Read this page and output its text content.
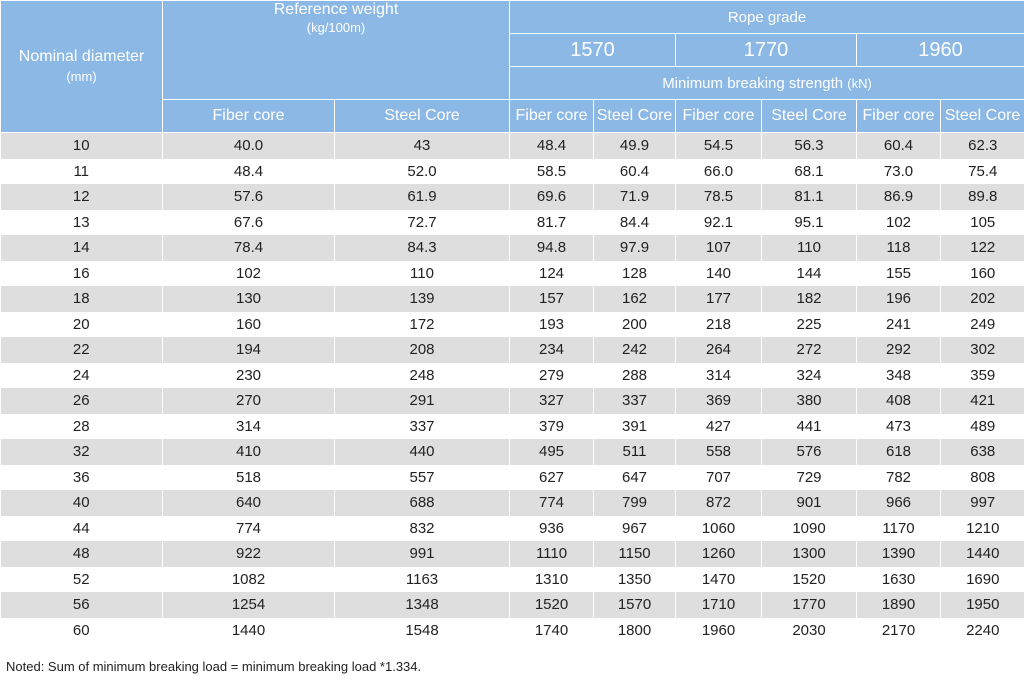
Nominal diameter
(mm)	Reference weight
(kg/100m)		Rope grade					
			1570		1770		1960	
			Minimum breaking strength (kN)					
	Fiber core	Steel Core	Fiber core	Steel Core	Fiber core	Steel Core	Fiber core	Steel Core
10	40.0	43	48.4	49.9	54.5	56.3	60.4	62.3
11	48.4	52.0	58.5	60.4	66.0	68.1	73.0	75.4
12	57.6	61.9	69.6	71.9	78.5	81.1	86.9	89.8
13	67.6	72.7	81.7	84.4	92.1	95.1	102	105
14	78.4	84.3	94.8	97.9	107	110	118	122
16	102	110	124	128	140	144	155	160
18	130	139	157	162	177	182	196	202
20	160	172	193	200	218	225	241	249
22	194	208	234	242	264	272	292	302
24	230	248	279	288	314	324	348	359
26	270	291	327	337	369	380	408	421
28	314	337	379	391	427	441	473	489
32	410	440	495	511	558	576	618	638
36	518	557	627	647	707	729	782	808
40	640	688	774	799	872	901	966	997
44	774	832	936	967	1060	1090	1170	1210
48	922	991	1110	1150	1260	1300	1390	1440
52	1082	1163	1310	1350	1470	1520	1630	1690
56	1254	1348	1520	1570	1710	1770	1890	1950
60	1440	1548	1740	1800	1960	2030	2170	2240
Noted: Sum of minimum breaking load = minimum breaking load *1.334.
